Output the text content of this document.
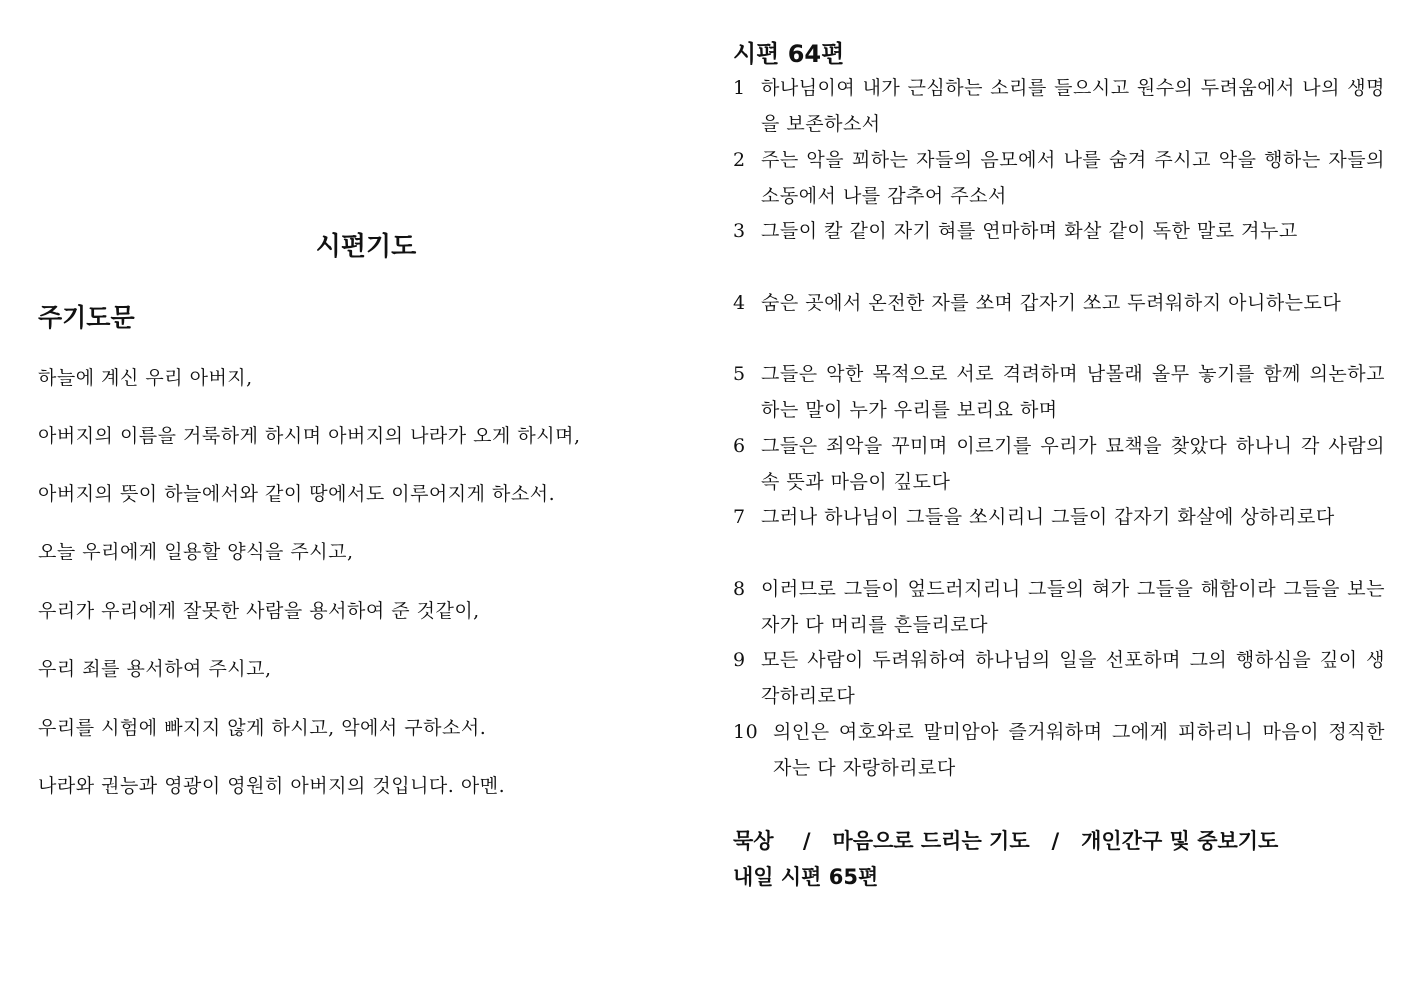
시편기도
주기도문
하늘에 계신 우리 아버지,
아버지의 이름을 거룩하게 하시며 아버지의 나라가 오게 하시며,
아버지의 뜻이 하늘에서와 같이 땅에서도 이루어지게 하소서.
오늘 우리에게 일용할 양식을 주시고,
우리가 우리에게 잘못한 사람을 용서하여 준 것같이,
우리 죄를 용서하여 주시고,
우리를 시험에 빠지지 않게 하시고, 악에서 구하소서.
나라와 권능과 영광이 영원히 아버지의 것입니다. 아멘.
시편 64편
1 하나님이여 내가 근심하는 소리를 들으시고 원수의 두려움에서 나의 생명을 보존하소서
2 주는 악을 꾀하는 자들의 음모에서 나를 숨겨 주시고 악을 행하는 자들의 소동에서 나를 감추어 주소서
3 그들이 칼 같이 자기 혀를 연마하며 화살 같이 독한 말로 겨누고
4 숨은 곳에서 온전한 자를 쏘며 갑자기 쏘고 두려워하지 아니하는도다
5 그들은 악한 목적으로 서로 격려하며 남몰래 올무 놓기를 함께 의논하고 하는 말이 누가 우리를 보리요 하며
6 그들은 죄악을 꾸미며 이르기를 우리가 묘책을 찾았다 하나니 각 사람의 속 뜻과 마음이 깊도다
7 그러나 하나님이 그들을 쏘시리니 그들이 갑자기 화살에 상하리로다
8 이러므로 그들이 엎드러지리니 그들의 혀가 그들을 해함이라 그들을 보는 자가 다 머리를 흔들리로다
9 모든 사람이 두려워하여 하나님의 일을 선포하며 그의 행하심을 깊이 생각하리로다
10 의인은 여호와로 말미암아 즐거워하며 그에게 피하리니 마음이 정직한 자는 다 자랑하리로다
묵상    /   마음으로 드리는 기도   /   개인간구 및 중보기도
내일 시편 65편
